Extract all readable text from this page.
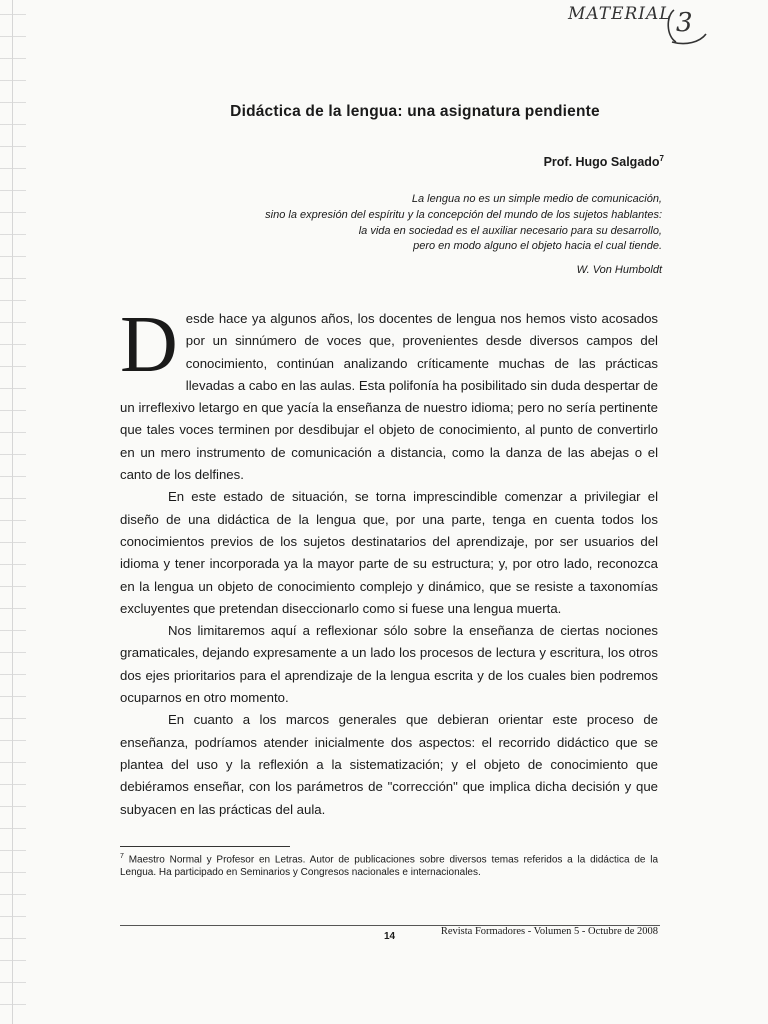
MATERIAL 3
Didáctica de la lengua: una asignatura pendiente
Prof. Hugo Salgado$^7$
La lengua no es un simple medio de comunicación,
sino la expresión del espíritu y la concepción del mundo de los sujetos hablantes:
la vida en sociedad es el auxiliar necesario para su desarrollo,
pero en modo alguno el objeto hacia el cual tiende.
W. Von Humboldt

Desde hace ya algunos años, los docentes de lengua nos hemos visto acosados por un sinnúmero de voces que, provenientes desde diversos campos del conocimiento, continúan analizando críticamente muchas de las prácticas llevadas a cabo en las aulas. Esta polifonía ha posibilitado sin duda despertar de un irreflexivo letargo en que yacía la enseñanza de nuestro idioma; pero no sería pertinente que tales voces terminen por desdibujar el objeto de conocimiento, al punto de convertirlo en un mero instrumento de comunicación a distancia, como la danza de las abejas o el canto de los delfines.

En este estado de situación, se torna imprescindible comenzar a privilegiar el diseño de una didáctica de la lengua que, por una parte, tenga en cuenta todos los conocimientos previos de los sujetos destinatarios del aprendizaje, por ser usuarios del idioma y tener incorporada ya la mayor parte de su estructura; y, por otro lado, reconozca en la lengua un objeto de conocimiento complejo y dinámico, que se resiste a taxonomías excluyentes que pretendan diseccionarlo como si fuese una lengua muerta.

Nos limitaremos aquí a reflexionar sólo sobre la enseñanza de ciertas nociones gramaticales, dejando expresamente a un lado los procesos de lectura y escritura, los otros dos ejes prioritarios para el aprendizaje de la lengua escrita y de los cuales bien podremos ocuparnos en otro momento.

En cuanto a los marcos generales que debieran orientar este proceso de enseñanza, podríamos atender inicialmente dos aspectos: el recorrido didáctico que se plantea del uso y la reflexión a la sistematización; y el objeto de conocimiento que debiéramos enseñar, con los parámetros de "corrección" que implica dicha decisión y que subyacen en las prácticas del aula.

$^7$ Maestro Normal y Profesor en Letras. Autor de publicaciones sobre diversos temas referidos a la didáctica de la Lengua. Ha participado en Seminarios y Congresos nacionales e internacionales.
14	Revista Formadores - Volumen 5 - Octubre de 2008
